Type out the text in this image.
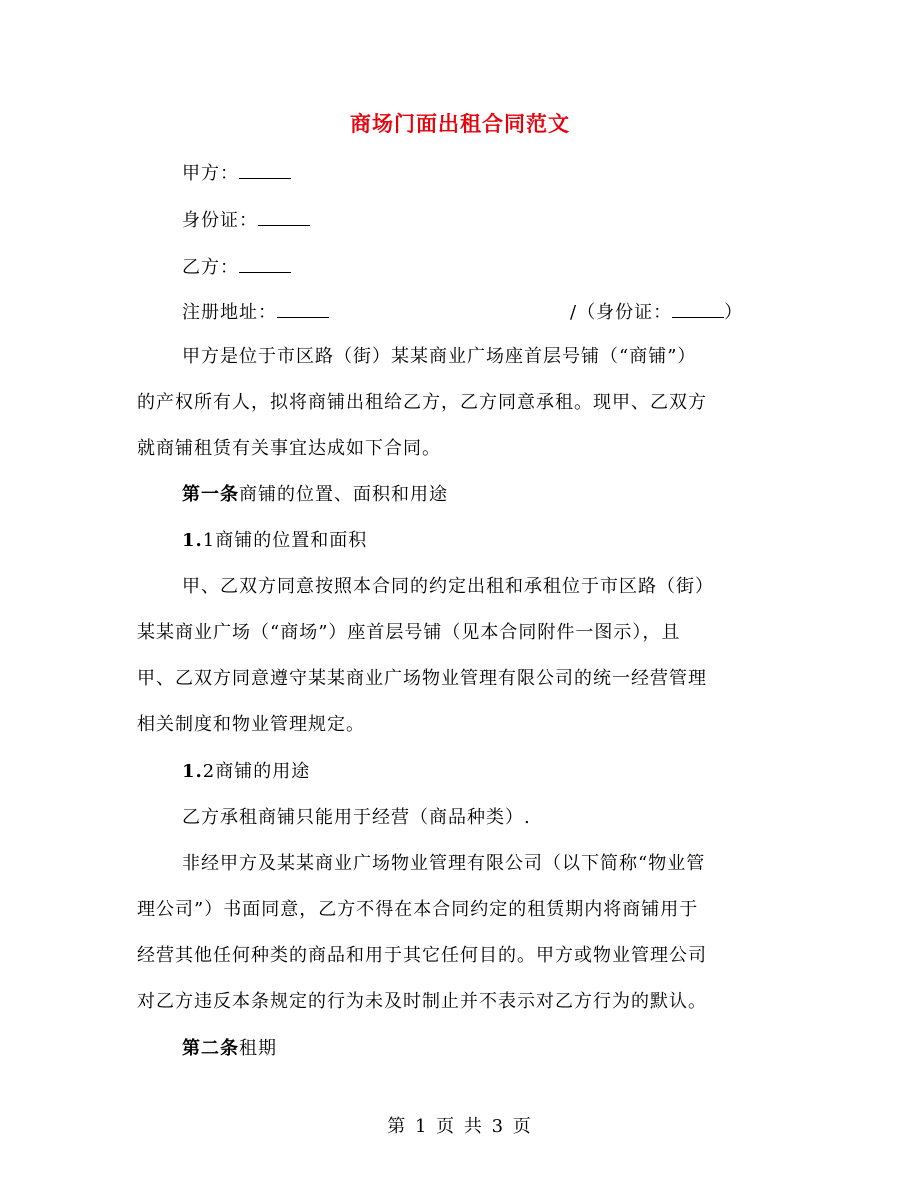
商场门面出租合同范文
甲方：
身份证：
乙方：
注册地址：	/（身份证：	）
甲方是位于市区路（街）某某商业广场座首层号铺（“商铺”）
的产权所有人，拟将商铺出租给乙方，乙方同意承租。现甲、乙双方
就商铺租赁有关事宜达成如下合同。
第一条商铺的位置、面积和用途
1.1商铺的位置和面积
甲、乙双方同意按照本合同的约定出租和承租位于市区路（街）
某某商业广场（“商场”）座首层号铺（见本合同附件一图示），且
甲、乙双方同意遵守某某商业广场物业管理有限公司的统一经营管理
相关制度和物业管理规定。
1.2商铺的用途
乙方承租商铺只能用于经营（商品种类）.
非经甲方及某某商业广场物业管理有限公司（以下简称“物业管
理公司”）书面同意，乙方不得在本合同约定的租赁期内将商铺用于
经营其他任何种类的商品和用于其它任何目的。甲方或物业管理公司
对乙方违反本条规定的行为未及时制止并不表示对乙方行为的默认。
第二条租期
第 1 页 共 3 页
